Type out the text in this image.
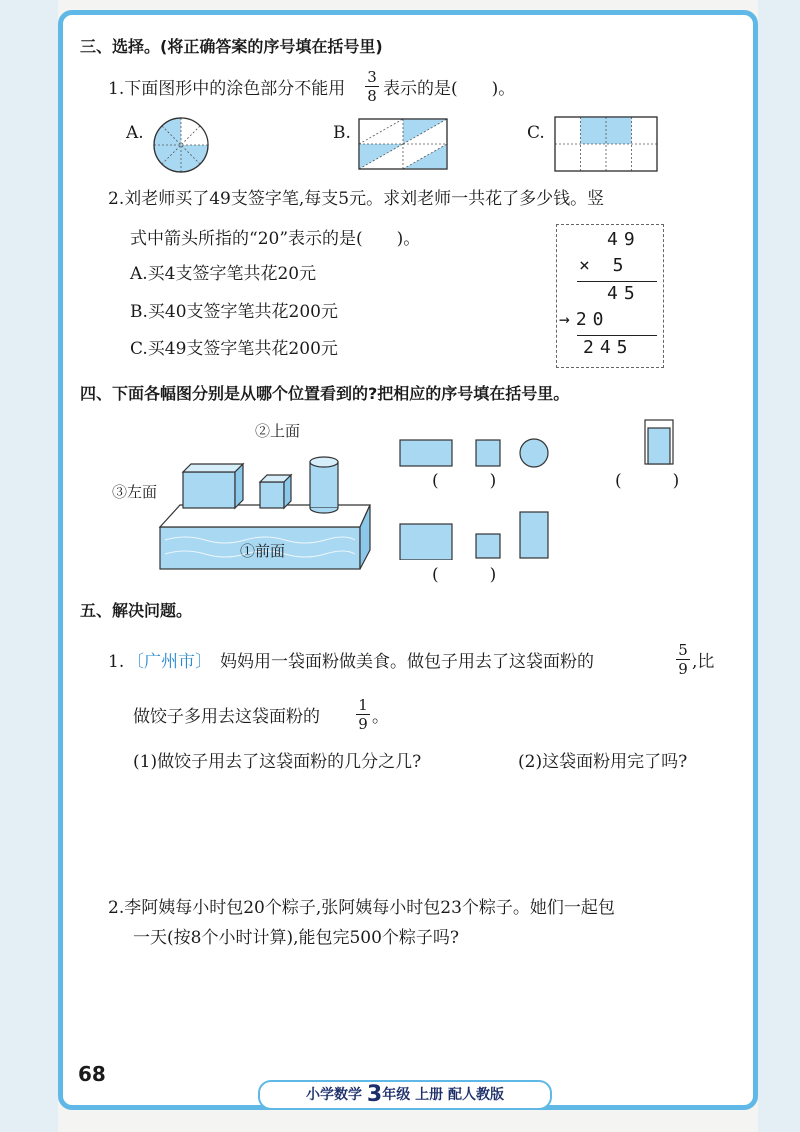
三、选择。(将正确答案的序号填在括号里)
1.下面图形中的涂色部分不能用
3
8 表示的是(　　)。
A.	B.	C.
2.刘老师买了49支签字笔,每支5元。求刘老师一共花了多少钱。竖
式中箭头所指的“20”表示的是(　　)。
A.买4支签字笔共花20元
B.买40支签字笔共花200元
C.买49支签字笔共花200元
49
× 5
45
→20
245
四、下面各幅图分别是从哪个位置看到的?把相应的序号填在括号里。
②上面
③左面
①前面
(　　　)	(　　　)
(　　　)
五、解决问题。
1. 〔广州市〕 妈妈用一袋面粉做美食。做包子用去了这袋面粉的
5
9 ,比
做饺子多用去这袋面粉的
1
9 。
(1)做饺子用去了这袋面粉的几分之几?	(2)这袋面粉用完了吗?
2.李阿姨每小时包20个粽子,张阿姨每小时包23个粽子。她们一起包
一天(按8个小时计算),能包完500个粽子吗?
68
小学数学 3年级 上册 配人教版
